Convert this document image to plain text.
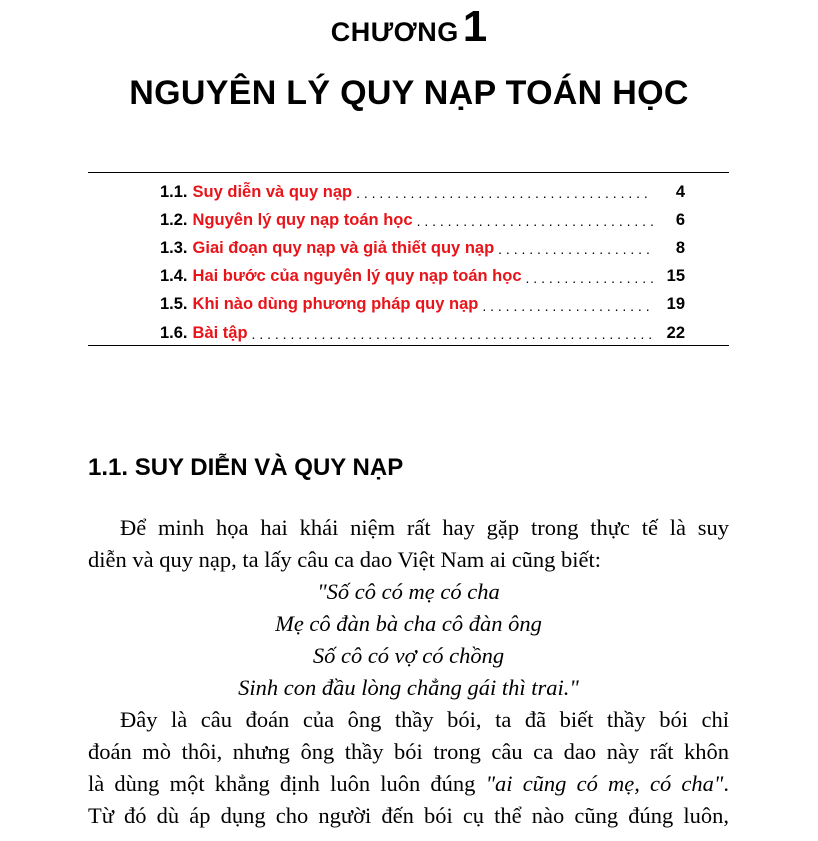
CHƯƠNG1
NGUYÊN LÝ QUY NẠP TOÁN HỌC
1.1. Suy diễn và quy nạp . . .	4
1.2. Nguyên lý quy nạp toán học . . .	6
1.3. Giai đoạn quy nạp và giả thiết quy nạp . . .	8
1.4. Hai bước của nguyên lý quy nạp toán học . . .	15
1.5. Khi nào dùng phương pháp quy nạp . . .	19
1.6. Bài tập . . .	22
1.1. SUY DIỄN VÀ QUY NẠP
Để minh họa hai khái niệm rất hay gặp trong thực tế là suy
diễn và quy nạp, ta lấy câu ca dao Việt Nam ai cũng biết:
"Số cô có mẹ có cha
Mẹ cô đàn bà cha cô đàn ông
Số cô có vợ có chồng
Sinh con đầu lòng chẳng gái thì trai."
Đây là câu đoán của ông thầy bói, ta đã biết thầy bói chỉ
đoán mò thôi, nhưng ông thầy bói trong câu ca dao này rất khôn
là dùng một khẳng định luôn luôn đúng "ai cũng có mẹ, có cha".
Từ đó dù áp dụng cho người đến bói cụ thể nào cũng đúng luôn,
